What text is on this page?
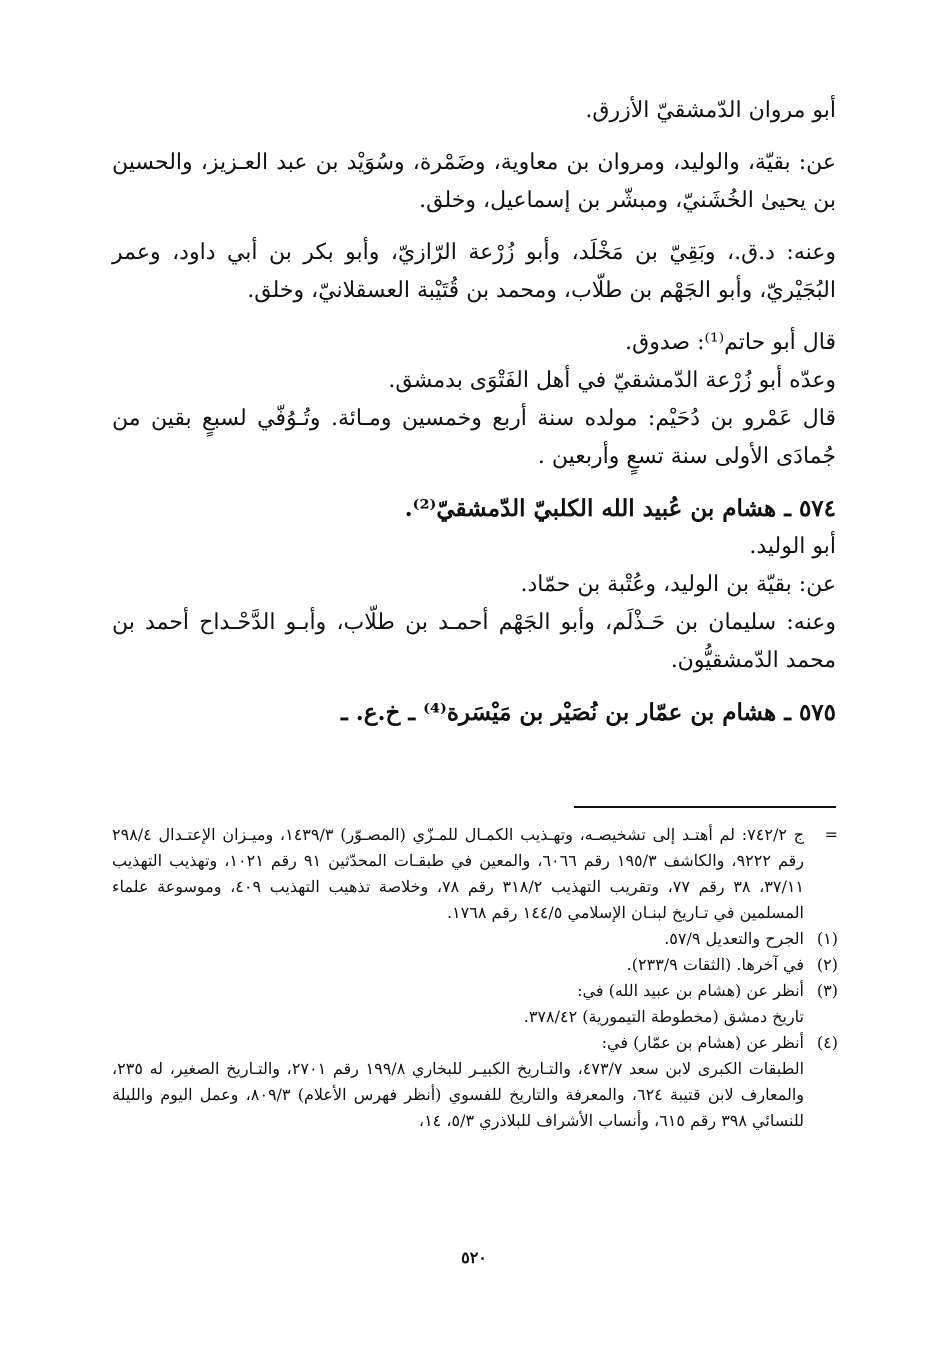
أبو مروان الدّمشقيّ الأزرق.

عن: بقيّة، والوليد، ومروان بن معاوية، وضَمْرة، وسُوَيْد بن عبد العـزيز، والحسين بن يحيىٰ الخُشَنيّ، ومبشّر بن إسماعيل، وخلق.

وعنه: د.ق.، وبَقِيّ بن مَخْلَد، وأبو زُرْعة الرّازيّ، وأبو بكر بن أبي داود، وعمر البُجَيْريّ، وأبو الجَهْم بن طلّاب، ومحمد بن قُتَيْبة العسقلانيّ، وخلق.

قال أبو حاتم⁽¹⁾: صدوق.

وعدّه أبو زُرْعة الدّمشقيّ في أهل الفَتْوَى بدمشق.

قال عَمْرو بن دُحَيْم: مولده سنة أربع وخمسين ومـائة. وتُـوُفّي لسبعٍ بقين من جُمادَى الأولى سنة تسعٍ وأربعين .

٥٧٤ ـ هشام بن عُبيد الله الكلبيّ الدّمشقيّ⁽²⁾.

أبو الوليد.

عن: بقيّة بن الوليد، وعُتْبة بن حمّاد.

وعنه: سليمان بن حَـذْلَم، وأبو الجَهْم أحمـد بن طلّاب، وأبـو الدَّحْـداح أحمد بن محمد الدّمشقيُّون.

٥٧٥ ـ هشام بن عمّار بن نُصَيْر بن مَيْسَرة⁽⁴⁾ ـ خ.ع. ـ

=
ج ٧٤٢/٢: لم أهتـد إلى تشخيصـه، وتهـذيب الكمـال للمـزّي (المصـوّر) ١٤٣٩/٣، وميـزان الإعتـدال ٢٩٨/٤ رقم ٩٢٢٢، والكاشف ١٩٥/٣ رقم ٦٠٦٦، والمعين في طبقـات المحدّثين ٩١ رقم ١٠٢١، وتهذيب التهذيب ٣٧/١١، ٣٨ رقم ٧٧، وتقريب التهذيب ٣١٨/٢ رقم ٧٨، وخلاصة تذهيب التهذيب ٤٠٩، وموسوعة علماء المسلمين في تـاريخ لبنـان الإسلامي ١٤٤/٥ رقم ١٧٦٨.
(١)
الجرح والتعديل ٥٧/٩.
(٢)
في آخرها. (الثقات ٢٣٣/٩).
(٣)
أنظر عن (هشام بن عبيد الله) في:
تاريخ دمشق (مخطوطة التيمورية) ٣٧٨/٤٢.
(٤)
أنظر عن (هشام بن عمّار) في:
الطبقات الكبرى لابن سعد ٤٧٣/٧، والتـاريخ الكبيـر للبخاري ١٩٩/٨ رقم ٢٧٠١، والتـاريخ الصغير، له ٢٣٥، والمعارف لابن قتيبة ٦٢٤، والمعرفة والتاريخ للفسوي (أنظر فهرس الأعلام) ٨٠٩/٣، وعمل اليوم والليلة للنسائي ٣٩٨ رقم ٦١٥، وأنساب الأشراف للبلاذري ٥/٣، ١٤،
٥٢٠
